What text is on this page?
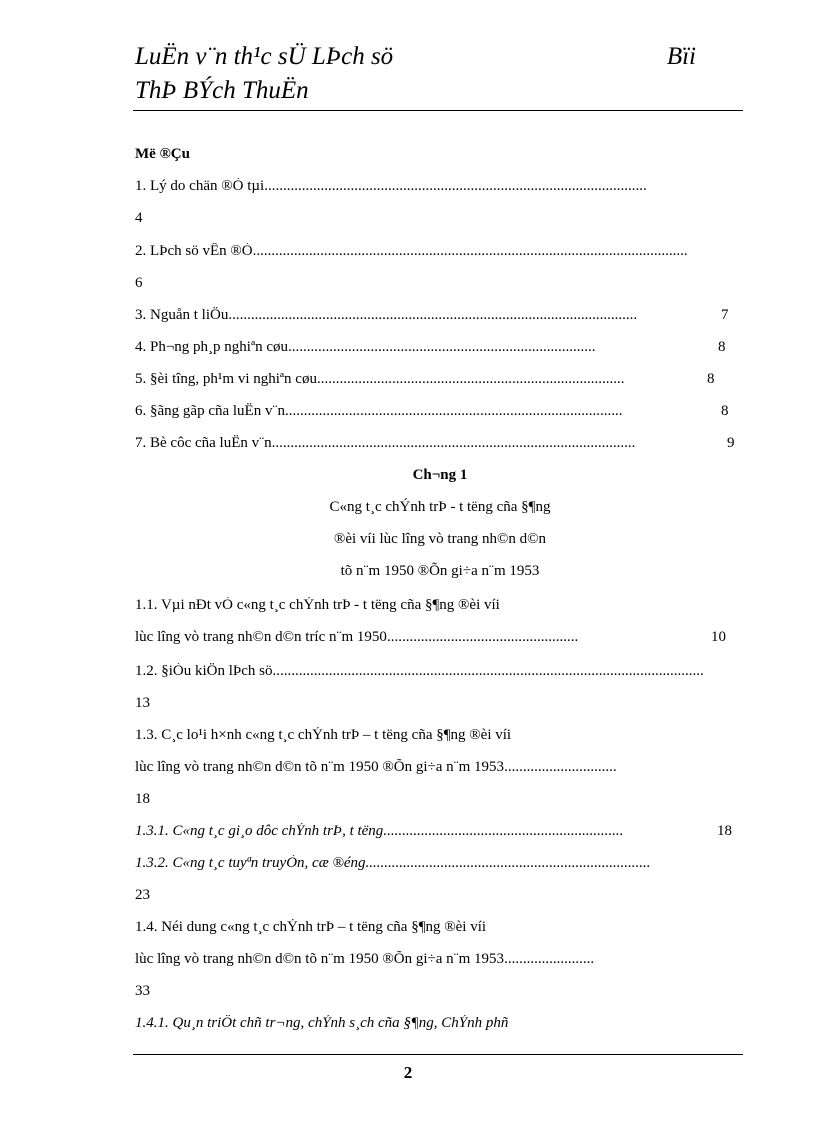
LuËn v¨n th¹c sÜ LÞch sö	Bïi
ThÞ BÝch ThuËn
Më ®Çu
1. Lý do chän ®Ò tµi......................................................................................................
4
2. LÞch sö vÊn ®Ò....................................................................................................................
6
3. Nguån t liÖu.............................................................................................................	7
4. Ph¬ng ph¸p nghiªn cøu..................................................................................	8
5. §èi tîng, ph¹m vi nghiªn cøu..................................................................................	8
6. §ãng gãp cña luËn v¨n..........................................................................................	8
7. Bè côc cña luËn v¨n.................................................................................................	9
Ch¬ng 1
C«ng t¸c chÝnh trÞ - t tëng cña §¶ng
®èi víi lùc lîng vò trang nh©n d©n
tõ n¨m 1950 ®Õn gi÷a n¨m 1953
1.1. Vµi nÐt vÒ c«ng t¸c chÝnh trÞ - t tëng cña §¶ng ®èi víi
lùc lîng vò trang nh©n d©n tríc n¨m 1950...................................................	10
1.2. §iÒu kiÖn lÞch sö...................................................................................................................
13
1.3. C¸c lo¹i h×nh c«ng t¸c chÝnh trÞ – t tëng cña §¶ng ®èi víi
lùc lîng vò trang nh©n d©n tõ n¨m 1950 ®Õn gi÷a n¨m 1953..............................
18
1.3.1. C«ng t¸c gi¸o dôc chÝnh trÞ, t tëng................................................................	18
1.3.2. C«ng t¸c tuyªn truyÒn, cæ ®éng............................................................................
23
1.4. Néi dung c«ng t¸c chÝnh trÞ – t tëng cña §¶ng ®èi víi
lùc lîng vò trang nh©n d©n tõ n¨m 1950 ®Õn gi÷a n¨m 1953........................
33
1.4.1. Qu¸n triÖt chñ tr¬ng, chÝnh s¸ch cña §¶ng, ChÝnh phñ
2
